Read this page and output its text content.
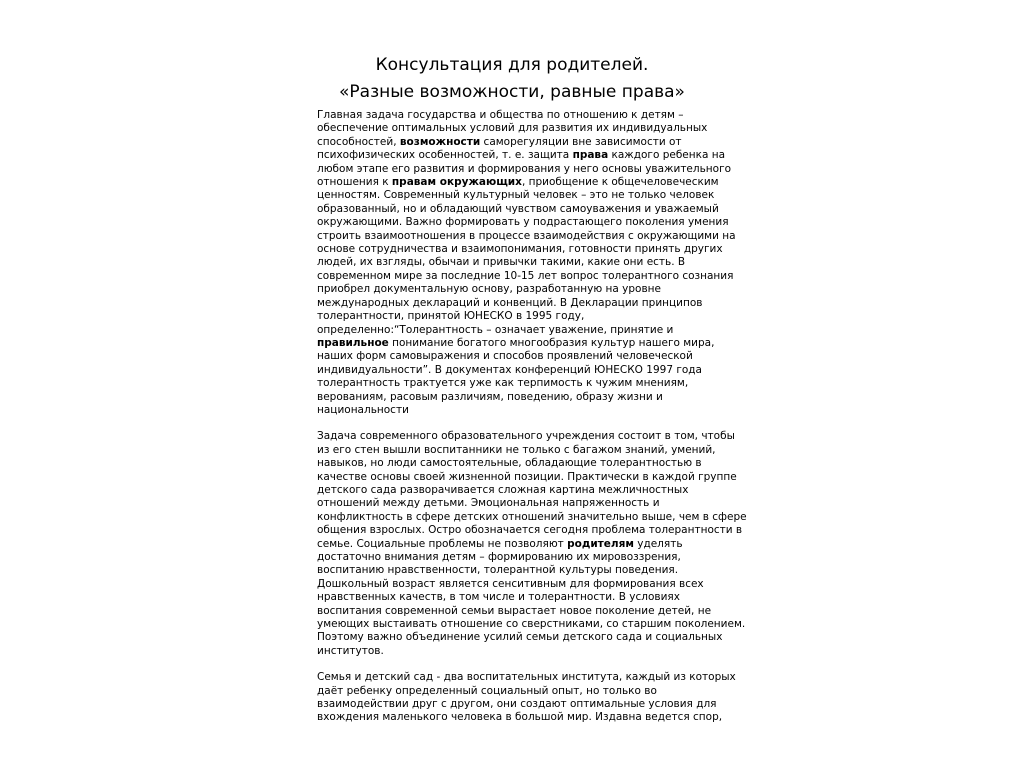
Консультация для родителей.
«Разные возможности, равные права»

Главная задача государства и общества по отношению к детям – обеспечение оптимальных условий для развития их индивидуальных способностей, возможности саморегуляции вне зависимости от психофизических особенностей, т. е. защита права каждого ребенка на любом этапе его развития и формирования у него основы уважительного отношения к правам окружающих, приобщение к общечеловеческим ценностям. Современный культурный человек – это не только человек образованный, но и обладающий чувством самоуважения и уважаемый окружающими. Важно формировать у подрастающего поколения умения строить взаимоотношения в процессе взаимодействия с окружающими на основе сотрудничества и взаимопонимания, готовности принять других людей, их взгляды, обычаи и привычки такими, какие они есть. В современном мире за последние 10-15 лет вопрос толерантного сознания приобрел документальную основу, разработанную на уровне международных деклараций и конвенций. В Декларации принципов толерантности, принятой ЮНЕСКО в 1995 году, определенно:“Толерантность – означает уважение, принятие и правильное понимание богатого многообразия культур нашего мира, наших форм самовыражения и способов проявлений человеческой индивидуальности”. В документах конференций ЮНЕСКО 1997 года толерантность трактуется уже как терпимость к чужим мнениям, верованиям, расовым различиям, поведению, образу жизни и национальности

Задача современного образовательного учреждения состоит в том, чтобы из его стен вышли воспитанники не только с багажом знаний, умений, навыков, но люди самостоятельные, обладающие толерантностью в качестве основы своей жизненной позиции. Практически в каждой группе детского сада разворачивается сложная картина межличностных отношений между детьми. Эмоциональная напряженность и конфликтность в сфере детских отношений значительно выше, чем в сфере общения взрослых. Остро обозначается сегодня проблема толерантности в семье. Социальные проблемы не позволяют родителям уделять достаточно внимания детям – формированию их мировоззрения, воспитанию нравственности, толерантной культуры поведения. Дошкольный возраст является сенситивным для формирования всех нравственных качеств, в том числе и толерантности. В условиях воспитания современной семьи вырастает новое поколение детей, не умеющих выстаивать отношение со сверстниками, со старшим поколением. Поэтому важно объединение усилий семьи детского сада и социальных институтов.

Семья и детский сад - два воспитательных института, каждый из которых даёт ребенку определенный социальный опыт, но только во взаимодействии друг с другом, они создают оптимальные условия для вхождения маленького человека в большой мир. Издавна ведется спор,
